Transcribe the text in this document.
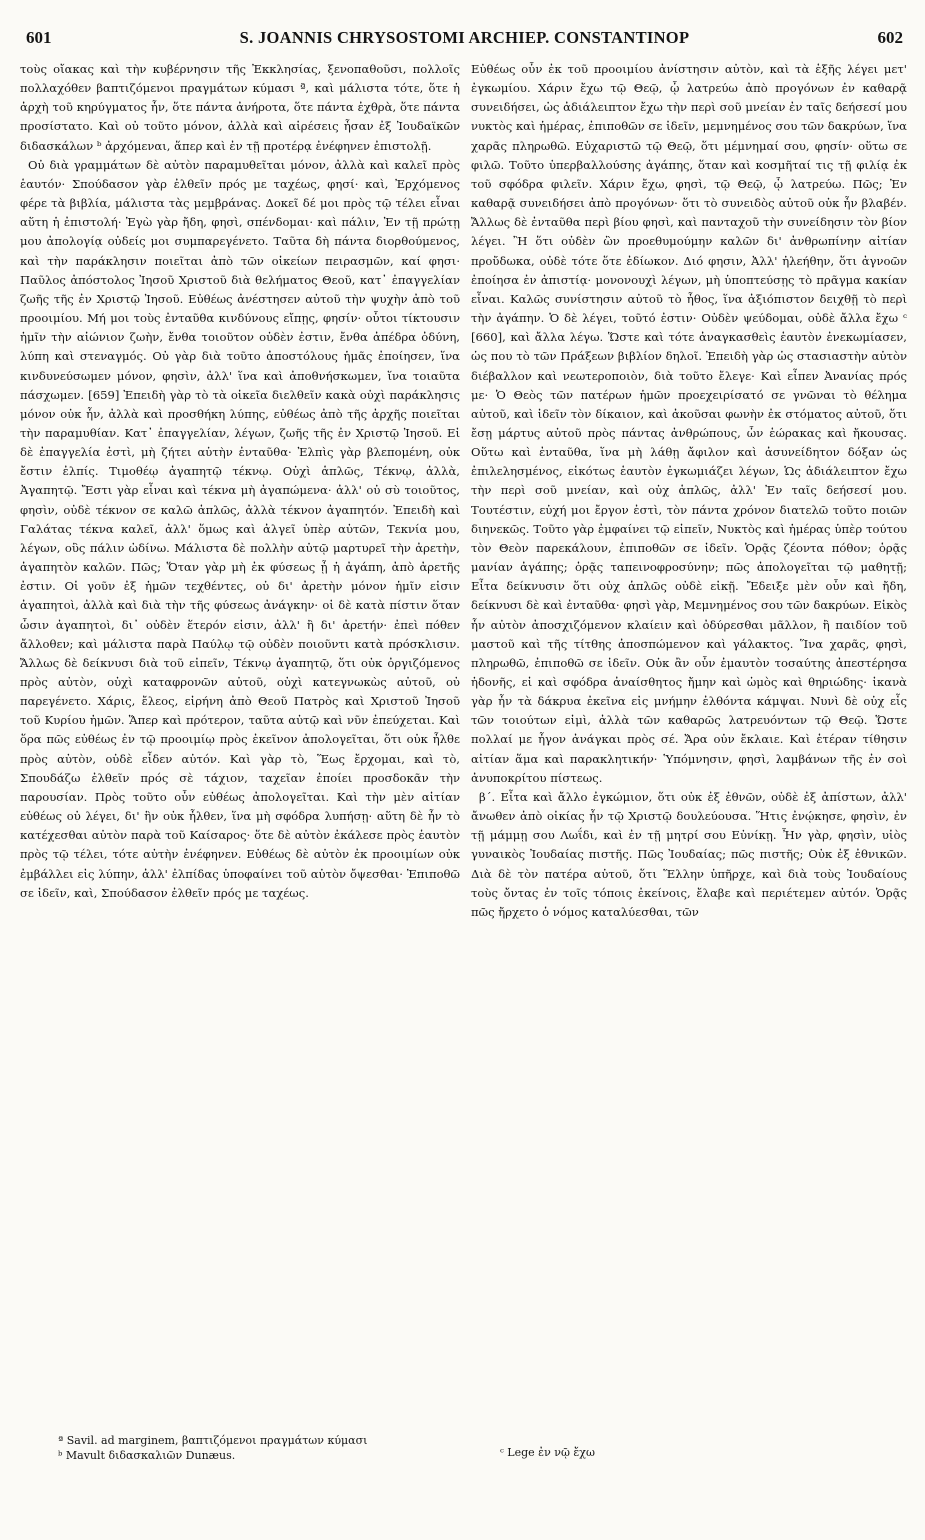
601	S. JOANNIS CHRYSOSTOMI ARCHIEP. CONSTANTINOP	602

τοὺς οἴακας καὶ τὴν κυβέρνησιν τῆς Ἐκκλησίας, ξενοπαθοῦσι, πολλοῖς πολλαχόθεν βαπτιζόμενοι πραγμάτων κύμασι ª, καὶ μάλιστα τότε, ὅτε ἡ ἀρχὴ τοῦ κηρύγματος ἦν, ὅτε πάντα ἀνήροτα, ὅτε πάντα ἐχθρὰ, ὅτε πάντα προσίστατο. Καὶ οὐ τοῦτο μόνον, ἀλλὰ καὶ αἱρέσεις ἦσαν ἐξ Ἰουδαϊκῶν διδασκάλων ᵇ ἀρχόμεναι, ἅπερ καὶ ἐν τῇ προτέρᾳ ἐνέφηνεν ἐπιστολῇ.

Οὐ διὰ γραμμάτων δὲ αὐτὸν παραμυθεῖται μόνον, ἀλλὰ καὶ καλεῖ πρὸς ἑαυτόν· Σπούδασον γὰρ ἐλθεῖν πρός με ταχέως, φησί· καὶ, Ἐρχόμενος φέρε τὰ βιβλία, μάλιστα τὰς μεμβράνας. Δοκεῖ δέ μοι πρὸς τῷ τέλει εἶναι αὕτη ἡ ἐπιστολή· Ἐγὼ γὰρ ἤδη, φησὶ, σπένδομαι· καὶ πάλιν, Ἐν τῇ πρώτῃ μου ἀπολογίᾳ οὐδείς μοι συμπαρεγένετο. Ταῦτα δὴ πάντα διορθούμενος, καὶ τὴν παράκλησιν ποιεῖται ἀπὸ τῶν οἰκείων πειρασμῶν, καί φησι· Παῦλος ἀπόστολος Ἰησοῦ Χριστοῦ διὰ θελήματος Θεοῦ, κατ᾿ ἐπαγγελίαν ζωῆς τῆς ἐν Χριστῷ Ἰησοῦ. Εὐθέως ἀνέστησεν αὐτοῦ τὴν ψυχὴν ἀπὸ τοῦ προοιμίου. Μή μοι τοὺς ἐνταῦθα κινδύνους εἴπῃς, φησίν· οὗτοι τίκτουσιν ἡμῖν τὴν αἰώνιον ζωὴν, ἔνθα τοιοῦτον οὐδὲν ἐστιν, ἔνθα ἀπέδρα ὀδύνη, λύπη καὶ στεναγμός. Οὐ γὰρ διὰ τοῦτο ἀποστόλους ἡμᾶς ἐποίησεν, ἵνα κινδυνεύσωμεν μόνον, φησὶν, ἀλλ' ἵνα καὶ ἀποθνήσκωμεν, ἵνα τοιαῦτα πάσχωμεν. [659] Ἐπειδὴ γὰρ τὸ τὰ οἰκεῖα διελθεῖν κακὰ οὐχὶ παράκλησις μόνον οὐκ ἦν, ἀλλὰ καὶ προσθήκη λύπης, εὐθέως ἀπὸ τῆς ἀρχῆς ποιεῖται τὴν παραμυθίαν. Κατ᾿ ἐπαγγελίαν, λέγων, ζωῆς τῆς ἐν Χριστῷ Ἰησοῦ. Εἰ δὲ ἐπαγγελία ἐστὶ, μὴ ζήτει αὐτὴν ἐνταῦθα· Ἐλπὶς γὰρ βλεπομένη, οὐκ ἔστιν ἐλπίς. Τιμοθέῳ ἀγαπητῷ τέκνῳ. Οὐχὶ ἁπλῶς, Τέκνῳ, ἀλλὰ, Ἀγαπητῷ. Ἔστι γὰρ εἶναι καὶ τέκνα μὴ ἀγαπώμενα· ἀλλ' οὐ σὺ τοιοῦτος, φησὶν, οὐδὲ τέκνον σε καλῶ ἁπλῶς, ἀλλὰ τέκνον ἀγαπητόν. Ἐπειδὴ καὶ Γαλάτας τέκνα καλεῖ, ἀλλ' ὅμως καὶ ἀλγεῖ ὑπὲρ αὐτῶν, Τεκνία μου, λέγων, οὓς πάλιν ὠδίνω. Μάλιστα δὲ πολλὴν αὐτῷ μαρτυρεῖ τὴν ἀρετὴν, ἀγαπητὸν καλῶν. Πῶς; Ὅταν γὰρ μὴ ἐκ φύσεως ᾖ ἡ ἀγάπη, ἀπὸ ἀρετῆς ἐστιν. Οἱ γοῦν ἐξ ἡμῶν τεχθέντες, οὐ δι' ἀρετὴν μόνον ἡμῖν εἰσιν ἀγαπητοὶ, ἀλλὰ καὶ διὰ τὴν τῆς φύσεως ἀνάγκην· οἱ δὲ κατὰ πίστιν ὅταν ὦσιν ἀγαπητοὶ, δι᾿ οὐδὲν ἕτερόν εἰσιν, ἀλλ' ἢ δι' ἀρετήν· ἐπεὶ πόθεν ἄλλοθεν; καὶ μάλιστα παρὰ Παύλῳ τῷ οὐδὲν ποιοῦντι κατὰ πρόσκλισιν. Ἄλλως δὲ δείκνυσι διὰ τοῦ εἰπεῖν, Τέκνῳ ἀγαπητῷ, ὅτι οὐκ ὀργιζόμενος πρὸς αὐτὸν, οὐχὶ καταφρονῶν αὐτοῦ, οὐχὶ κατεγνωκὼς αὐτοῦ, οὐ παρεγένετο. Χάρις, ἔλεος, εἰρήνη ἀπὸ Θεοῦ Πατρὸς καὶ Χριστοῦ Ἰησοῦ τοῦ Κυρίου ἡμῶν. Ἅπερ καὶ πρότερον, ταῦτα αὐτῷ καὶ νῦν ἐπεύχεται. Καὶ ὅρα πῶς εὐθέως ἐν τῷ προοιμίῳ πρὸς ἐκεῖνον ἀπολογεῖται, ὅτι οὐκ ἦλθε πρὸς αὐτὸν, οὐδὲ εἶδεν αὐτόν. Καὶ γὰρ τὸ, Ἕως ἔρχομαι, καὶ τὸ, Σπουδάζω ἐλθεῖν πρός σὲ τάχιον, ταχεῖαν ἐποίει προσδοκᾶν τὴν παρουσίαν. Πρὸς τοῦτο οὖν εὐθέως ἀπολογεῖται. Καὶ τὴν μὲν αἰτίαν εὐθέως οὐ λέγει, δι' ἣν οὐκ ἦλθεν, ἵνα μὴ σφόδρα λυπήσῃ· αὕτη δὲ ἦν τὸ κατέχεσθαι αὐτὸν παρὰ τοῦ Καίσαρος· ὅτε δὲ αὐτὸν ἐκάλεσε πρὸς ἑαυτὸν πρὸς τῷ τέλει, τότε αὐτὴν ἐνέφηνεν. Εὐθέως δὲ αὐτὸν ἐκ προοιμίων οὐκ ἐμβάλλει εἰς λύπην, ἀλλ' ἐλπίδας ὑποφαίνει τοῦ αὐτὸν ὄψεσθαι· Ἐπιποθῶ σε ἰδεῖν, καὶ, Σπούδασον ἐλθεῖν πρός με ταχέως.

Εὐθέως οὖν ἐκ τοῦ προοιμίου ἀνίστησιν αὐτὸν, καὶ τὰ ἑξῆς λέγει μετ' ἐγκωμίου. Χάριν ἔχω τῷ Θεῷ, ᾧ λατρεύω ἀπὸ προγόνων ἐν καθαρᾷ συνειδήσει, ὡς ἀδιάλειπτον ἔχω τὴν περὶ σοῦ μνείαν ἐν ταῖς δεήσεσί μου νυκτὸς καὶ ἡμέρας, ἐπιποθῶν σε ἰδεῖν, μεμνημένος σου τῶν δακρύων, ἵνα χαρᾶς πληρωθῶ. Εὐχαριστῶ τῷ Θεῷ, ὅτι μέμνημαί σου, φησίν· οὕτω σε φιλῶ. Τοῦτο ὑπερβαλλούσης ἀγάπης, ὅταν καὶ κοσμῆταί τις τῇ φιλίᾳ ἐκ τοῦ σφόδρα φιλεῖν. Χάριν ἔχω, φησὶ, τῷ Θεῷ, ᾧ λατρεύω. Πῶς; Ἐν καθαρᾷ συνειδήσει ἀπὸ προγόνων· ὅτι τὸ συνειδὸς αὐτοῦ οὐκ ἦν βλαβέν. Ἄλλως δὲ ἐνταῦθα περὶ βίου φησὶ, καὶ πανταχοῦ τὴν συνείδησιν τὸν βίον λέγει. Ἢ ὅτι οὐδὲν ὢν προεθυμούμην καλῶν δι' ἀνθρωπίνην αἰτίαν προὔδωκα, οὐδὲ τότε ὅτε ἐδίωκον. Διό φησιν, Ἀλλ' ἠλεήθην, ὅτι ἀγνοῶν ἐποίησα ἐν ἀπιστίᾳ· μονονουχὶ λέγων, μὴ ὑποπτεύσῃς τὸ πρᾶγμα κακίαν εἶναι. Καλῶς συνίστησιν αὐτοῦ τὸ ἦθος, ἵνα ἀξιόπιστον δειχθῇ τὸ περὶ τὴν ἀγάπην. Ὁ δὲ λέγει, τοῦτό ἐστιν· Οὐδὲν ψεύδομαι, οὐδὲ ἄλλα ἔχω ᶜ [660], καὶ ἄλλα λέγω. Ὥστε καὶ τότε ἀναγκασθεὶς ἑαυτὸν ἐνεκωμίασεν, ὡς που τὸ τῶν Πράξεων βιβλίον δηλοῖ. Ἐπειδὴ γὰρ ὡς στασιαστὴν αὐτὸν διέβαλλον καὶ νεωτεροποιὸν, διὰ τοῦτο ἔλεγε· Καὶ εἶπεν Ἀνανίας πρός με· Ὁ Θεὸς τῶν πατέρων ἡμῶν προεχειρίσατό σε γνῶναι τὸ θέλημα αὐτοῦ, καὶ ἰδεῖν τὸν δίκαιον, καὶ ἀκοῦσαι φωνὴν ἐκ στόματος αὐτοῦ, ὅτι ἔσῃ μάρτυς αὐτοῦ πρὸς πάντας ἀνθρώπους, ὧν ἑώρακας καὶ ἤκουσας. Οὕτω καὶ ἐνταῦθα, ἵνα μὴ λάθῃ ἄφιλον καὶ ἀσυνείδητον δόξαν ὡς ἐπιλελησμένος, εἰκότως ἑαυτὸν ἐγκωμιάζει λέγων, Ὡς ἀδιάλειπτον ἔχω τὴν περὶ σοῦ μνείαν, καὶ οὐχ ἁπλῶς, ἀλλ' Ἐν ταῖς δεήσεσί μου. Τουτέστιν, εὐχή μοι ἔργον ἐστὶ, τὸν πάντα χρόνον διατελῶ τοῦτο ποιῶν διηνεκῶς. Τοῦτο γὰρ ἐμφαίνει τῷ εἰπεῖν, Νυκτὸς καὶ ἡμέρας ὑπὲρ τούτου τὸν Θεὸν παρεκάλουν, ἐπιποθῶν σε ἰδεῖν. Ὁρᾷς ζέοντα πόθον; ὁρᾷς μανίαν ἀγάπης; ὁρᾷς ταπεινοφροσύνην; πῶς ἀπολογεῖται τῷ μαθητῇ; Εἶτα δείκνυσιν ὅτι οὐχ ἁπλῶς οὐδὲ εἰκῇ. Ἔδειξε μὲν οὖν καὶ ἤδη, δείκνυσι δὲ καὶ ἐνταῦθα· φησὶ γὰρ, Μεμνημένος σου τῶν δακρύων. Εἰκὸς ἦν αὐτὸν ἀποσχιζόμενον κλαίειν καὶ ὀδύρεσθαι μᾶλλον, ἢ παιδίον τοῦ μαστοῦ καὶ τῆς τίτθης ἀποσπώμενον καὶ γάλακτος. Ἵνα χαρᾶς, φησὶ, πληρωθῶ, ἐπιποθῶ σε ἰδεῖν. Οὐκ ἂν οὖν ἐμαυτὸν τοσαύτης ἀπεστέρησα ἡδονῆς, εἰ καὶ σφόδρα ἀναίσθητος ἤμην καὶ ὠμὸς καὶ θηριώδης· ἱκανὰ γὰρ ἦν τὰ δάκρυα ἐκεῖνα εἰς μνήμην ἐλθόντα κάμψαι. Νυνὶ δὲ οὐχ εἷς τῶν τοιούτων εἰμὶ, ἀλλὰ τῶν καθαρῶς λατρευόντων τῷ Θεῷ. Ὥστε πολλαί με ἦγον ἀνάγκαι πρὸς σέ. Ἄρα οὐν ἔκλαιε. Καὶ ἑτέραν τίθησιν αἰτίαν ἅμα καὶ παρακλητικήν· Ὑπόμνησιν, φησὶ, λαμβάνων τῆς ἐν σοὶ ἀνυποκρίτου πίστεως.

β΄. Εἶτα καὶ ἄλλο ἐγκώμιον, ὅτι οὐκ ἐξ ἐθνῶν, οὐδὲ ἐξ ἀπίστων, ἀλλ' ἄνωθεν ἀπὸ οἰκίας ἦν τῷ Χριστῷ δουλεύουσα. Ἥτις ἐνῴκησε, φησὶν, ἐν τῇ μάμμῃ σου Λωΐδι, καὶ ἐν τῇ μητρί σου Εὐνίκῃ. Ἦν γὰρ, φησὶν, υἱὸς γυναικὸς Ἰουδαίας πιστῆς. Πῶς Ἰουδαίας; πῶς πιστῆς; Οὐκ ἐξ ἐθνικῶν. Διὰ δὲ τὸν πατέρα αὐτοῦ, ὅτι Ἕλλην ὑπῆρχε, καὶ διὰ τοὺς Ἰουδαίους τοὺς ὄντας ἐν τοῖς τόποις ἐκείνοις, ἔλαβε καὶ περιέτεμεν αὐτόν. Ὁρᾷς πῶς ἤρχετο ὁ νόμος καταλύεσθαι, τῶν

ª Savil. ad marginem, βαπτιζόμενοι πραγμάτων κύμασι
ᵇ Mavult διδασκαλιῶν Dunæus.	ᶜ Lege ἐν νῷ ἔχω
